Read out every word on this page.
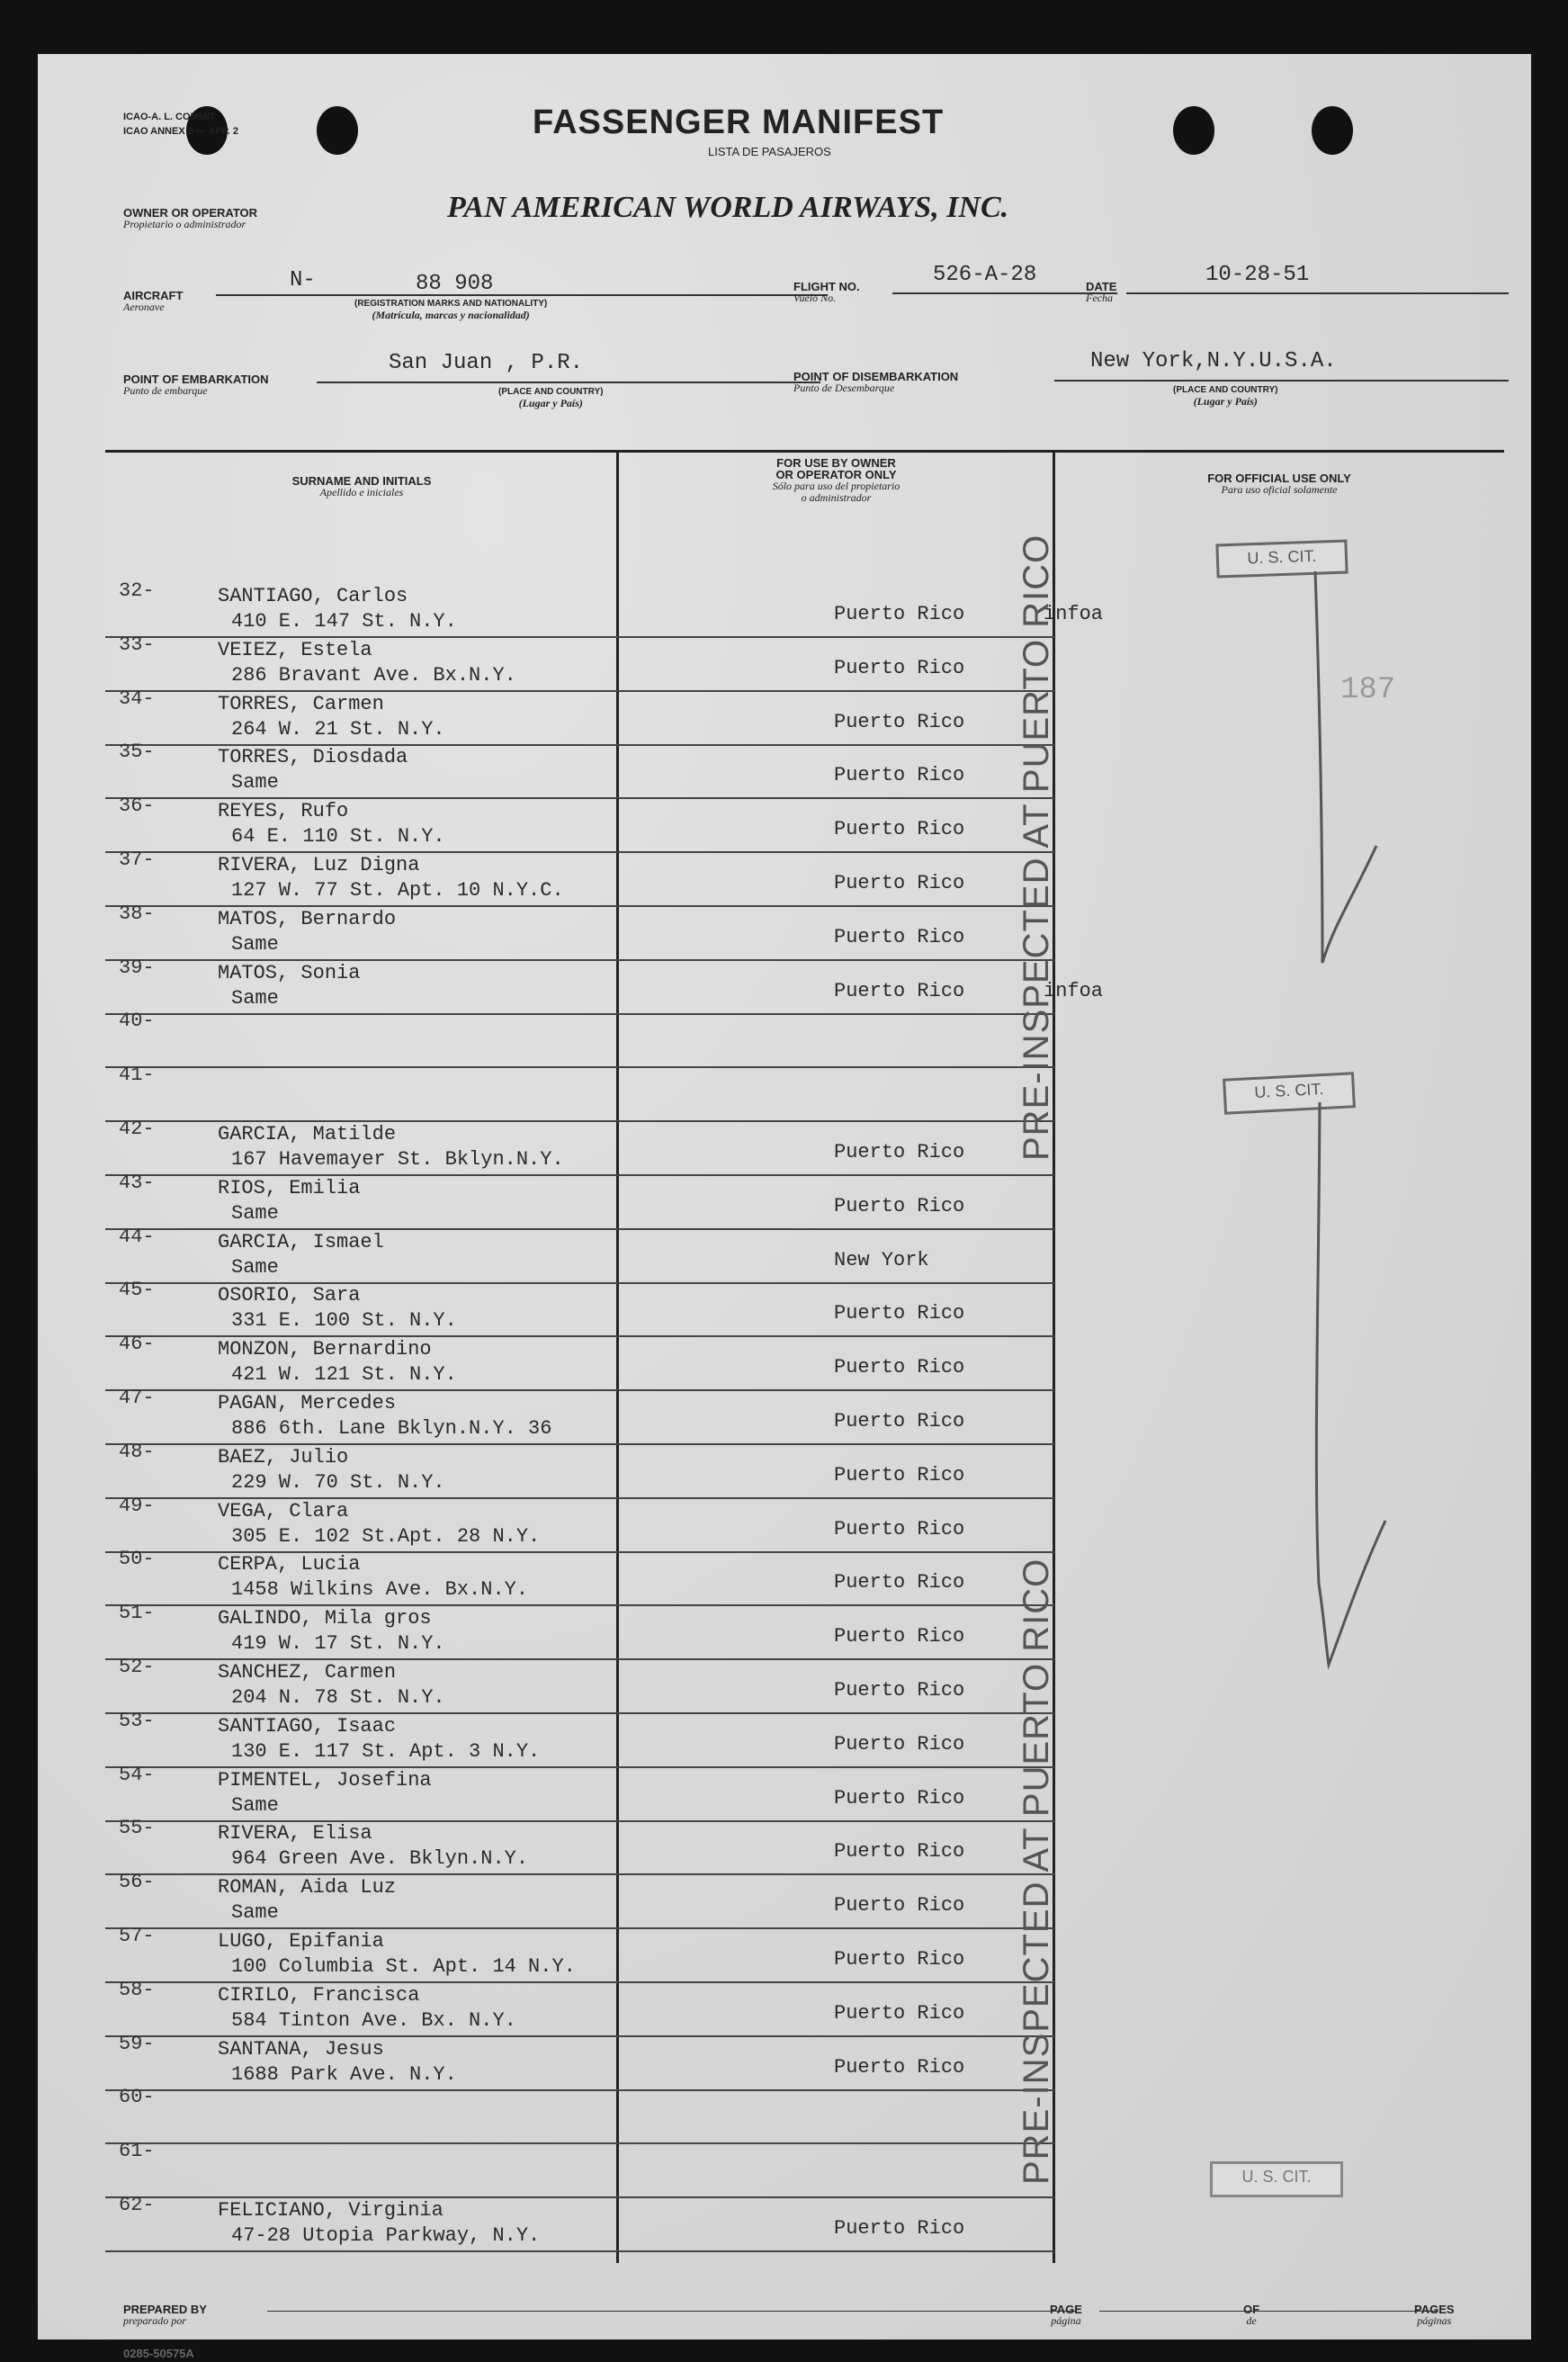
ICAO-A. L. COMMIT
ICAO ANNEX 9 — APP. 2	FASSENGER MANIFEST
LISTA DE PASAJEROS
OWNER OR OPERATOR
Propietario o administrador	PAN AMERICAN WORLD AIRWAYS, INC.
AIRCRAFT
Aeronave
N-	88 908
(REGISTRATION MARKS AND NATIONALITY)
(Matrícula, marcas y nacionalidad)
FLIGHT NO.
Vuelo No.
526-A-28	DATE
Fecha
10-28-51
POINT OF EMBARKATION
Punto de embarque
San Juan , P.R.
(PLACE AND COUNTRY)
(Lugar y País)
POINT OF DISEMBARKATION
Punto de Desembarque
New York,N.Y.U.S.A.
(PLACE AND COUNTRY)
(Lugar y País)
SURNAME AND INITIALS
Apellido e iniciales
FOR USE BY OWNER
OR OPERATOR ONLY
Sólo para uso del propietario
o administrador
FOR OFFICIAL USE ONLY
Para uso oficial solamente
32-	SANTIAGO, Carlos
410 E. 147 St. N.Y.	Puerto Rico	infoa
33-	VEIEZ, Estela
286 Bravant Ave. Bx.N.Y.	Puerto Rico
34-	TORRES, Carmen
264 W. 21 St. N.Y.	Puerto Rico
35-	TORRES, Diosdada
Same	Puerto Rico
36-	REYES, Rufo
64 E. 110 St. N.Y.	Puerto Rico
37-	RIVERA, Luz Digna
127 W. 77 St. Apt. 10 N.Y.C.	Puerto Rico
38-	MATOS, Bernardo
Same	Puerto Rico
39-	MATOS, Sonia
Same	Puerto Rico	infoa
40-
41-
42-	GARCIA, Matilde
167 Havemayer St. Bklyn.N.Y.	Puerto Rico
43-	RIOS, Emilia
Same	Puerto Rico
44-	GARCIA, Ismael
Same	New York
45-	OSORIO, Sara
331 E. 100 St. N.Y.	Puerto Rico
46-	MONZON, Bernardino
421 W. 121 St. N.Y.	Puerto Rico
47-	PAGAN, Mercedes
886 6th. Lane Bklyn.N.Y. 36	Puerto Rico
48-	BAEZ, Julio
229 W. 70 St. N.Y.	Puerto Rico
49-	VEGA, Clara
305 E. 102 St.Apt. 28 N.Y.	Puerto Rico
50-	CERPA, Lucia
1458 Wilkins Ave. Bx.N.Y.	Puerto Rico
51-	GALINDO, Mila gros
419 W. 17 St. N.Y.	Puerto Rico
52-	SANCHEZ, Carmen
204 N. 78 St. N.Y.	Puerto Rico
53-	SANTIAGO, Isaac
130 E. 117 St. Apt. 3 N.Y.	Puerto Rico
54-	PIMENTEL, Josefina
Same	Puerto Rico
55-	RIVERA, Elisa
964 Green Ave. Bklyn.N.Y.	Puerto Rico
56-	ROMAN, Aida Luz
Same	Puerto Rico
57-	LUGO, Epifania
100 Columbia St. Apt. 14 N.Y.	Puerto Rico
58-	CIRILO, Francisca
584 Tinton Ave. Bx. N.Y.	Puerto Rico
59-	SANTANA, Jesus
1688 Park Ave. N.Y.	Puerto Rico
60-
61-
62-	FELICIANO, Virginia
47-28 Utopia Parkway, N.Y.	Puerto Rico
U. S. CIT.
U. S. CIT.
U. S. CIT.
187
PRE-INSPECTED AT PUERTO RICO
PRE-INSPECTED AT PUERTO RICO
PREPARED BY
preparado por
PAGE
página
OF
de
PAGES
páginas
0285-50575A
